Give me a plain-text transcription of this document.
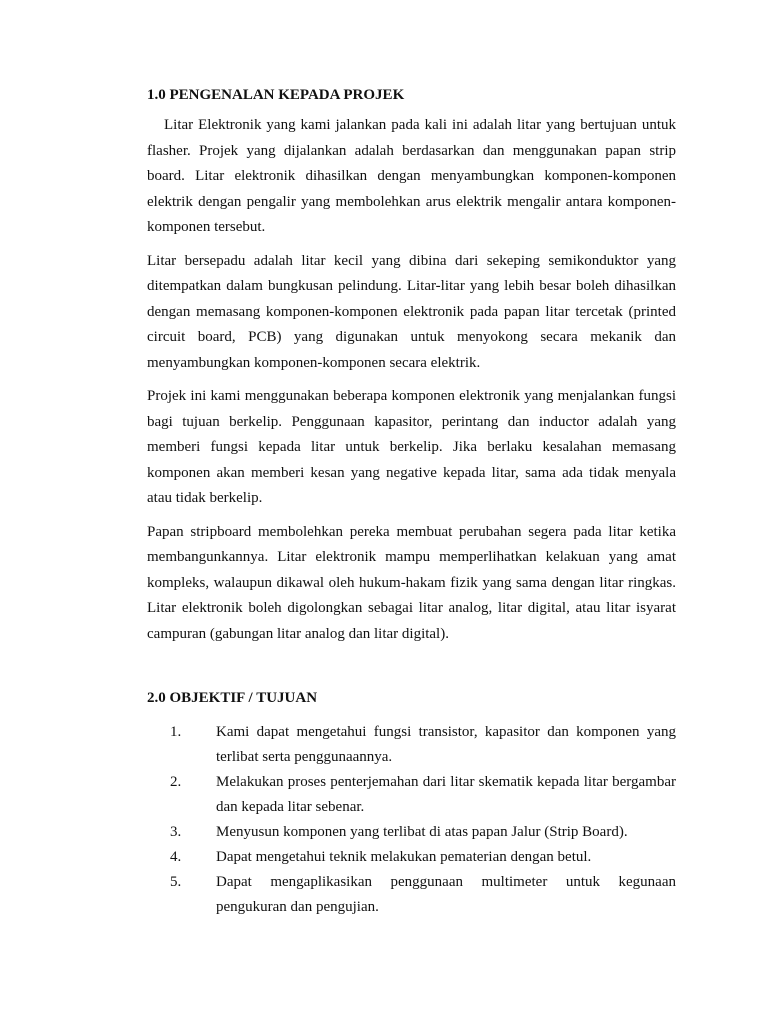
1.0 PENGENALAN KEPADA PROJEK

Litar Elektronik yang kami jalankan pada kali ini adalah litar yang bertujuan untuk flasher. Projek yang dijalankan adalah berdasarkan dan menggunakan papan strip board. Litar elektronik dihasilkan dengan menyambungkan komponen-komponen elektrik dengan pengalir yang membolehkan arus elektrik mengalir antara komponen-komponen tersebut.

Litar bersepadu adalah litar kecil yang dibina dari sekeping semikonduktor yang ditempatkan dalam bungkusan pelindung. Litar-litar yang lebih besar boleh dihasilkan dengan memasang komponen-komponen elektronik pada papan litar tercetak (printed circuit board, PCB) yang digunakan untuk menyokong secara mekanik dan menyambungkan komponen-komponen secara elektrik.

Projek ini kami menggunakan beberapa komponen elektronik yang menjalankan fungsi bagi tujuan berkelip. Penggunaan kapasitor, perintang dan inductor adalah yang memberi fungsi kepada litar untuk berkelip. Jika berlaku kesalahan memasang komponen akan memberi kesan yang negative kepada litar, sama ada tidak menyala atau tidak berkelip.

Papan stripboard membolehkan pereka membuat perubahan segera pada litar ketika membangunkannya. Litar elektronik mampu memperlihatkan kelakuan yang amat kompleks, walaupun dikawal oleh hukum-hakam fizik yang sama dengan litar ringkas. Litar elektronik boleh digolongkan sebagai litar analog, litar digital, atau litar isyarat campuran (gabungan litar analog dan litar digital).

2.0 OBJEKTIF / TUJUAN
1.	Kami dapat mengetahui fungsi transistor, kapasitor dan komponen yang terlibat serta penggunaannya.
2.	Melakukan proses penterjemahan dari litar skematik kepada litar bergambar dan kepada litar sebenar.
3.	Menyusun komponen yang terlibat di atas papan Jalur (Strip Board).
4.	Dapat mengetahui teknik melakukan pematerian dengan betul.
5.	Dapat mengaplikasikan penggunaan multimeter untuk kegunaan pengukuran dan pengujian.
